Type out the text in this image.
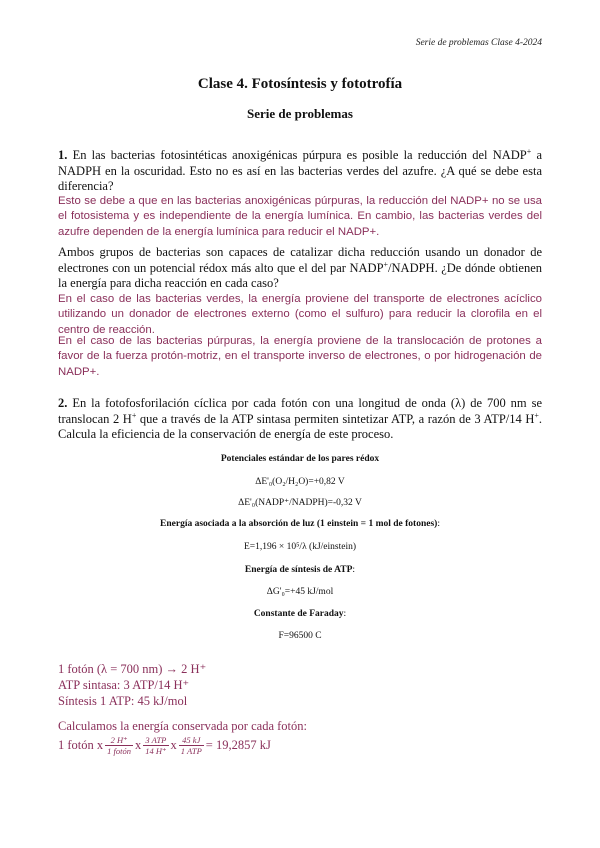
Serie de problemas Clase 4-2024
Clase 4. Fotosíntesis y fototrofía
Serie de problemas
1. En las bacterias fotosintéticas anoxigénicas púrpura es posible la reducción del NADP+ a NADPH en la oscuridad. Esto no es así en las bacterias verdes del azufre. ¿A qué se debe esta diferencia?
Esto se debe a que en las bacterias anoxigénicas púrpuras, la reducción del NADP+ no se usa el fotosistema y es independiente de la energía lumínica. En cambio, las bacterias verdes del azufre dependen de la energía lumínica para reducir el NADP+.
Ambos grupos de bacterias son capaces de catalizar dicha reducción usando un donador de electrones con un potencial rédox más alto que el del par NADP+/NADPH. ¿De dónde obtienen la energía para dicha reacción en cada caso?
En el caso de las bacterias verdes, la energía proviene del transporte de electrones acíclico utilizando un donador de electrones externo (como el sulfuro) para reducir la clorofila en el centro de reacción.
En el caso de las bacterias púrpuras, la energía proviene de la translocación de protones a favor de la fuerza protón-motriz, en el transporte inverso de electrones, o por hidrogenación de NADP+.
2. En la fotofosforilación cíclica por cada fotón con una longitud de onda (λ) de 700 nm se translocan 2 H+ que a través de la ATP sintasa permiten sintetizar ATP, a razón de 3 ATP/14 H+. Calcula la eficiencia de la conservación de energía de este proceso.
Potenciales estándar de los pares rédox
ΔE'₀(O₂/H₂O)=+0,82 V
ΔE'₀(NADP⁺/NADPH)=-0,32 V
Energía asociada a la absorción de luz (1 einstein = 1 mol de fotones):
E=1,196 × 10⁵/λ (kJ/einstein)
Energía de síntesis de ATP:
ΔG'₀=+45 kJ/mol
Constante de Faraday:
F=96500 C
1 fotón (λ = 700 nm) → 2 H⁺
ATP sintasa: 3 ATP/14 H⁺
Síntesis 1 ATP: 45 kJ/mol
Calculamos la energía conservada por cada fotón:
1 fotón x $\frac{2 H^+}{\text{1 fotón}}$ x $\frac{\text{3 ATP}}{14 H^+}$ x $\frac{45 kJ}{\text{1 ATP}} = 19,2857$ kJ
